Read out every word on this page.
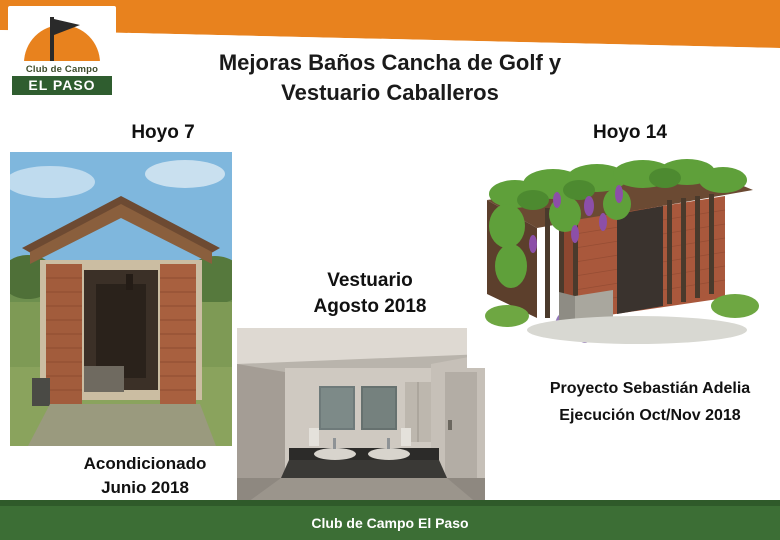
Club de Campo
EL PASO
Mejoras Baños Cancha de Golf y
Vestuario Caballeros
Hoyo 7	Hoyo 14
Vestuario
Agosto 2018
Acondicionado
Junio 2018
Proyecto Sebastián Adelia
Ejecución Oct/Nov 2018
Club de Campo El Paso
